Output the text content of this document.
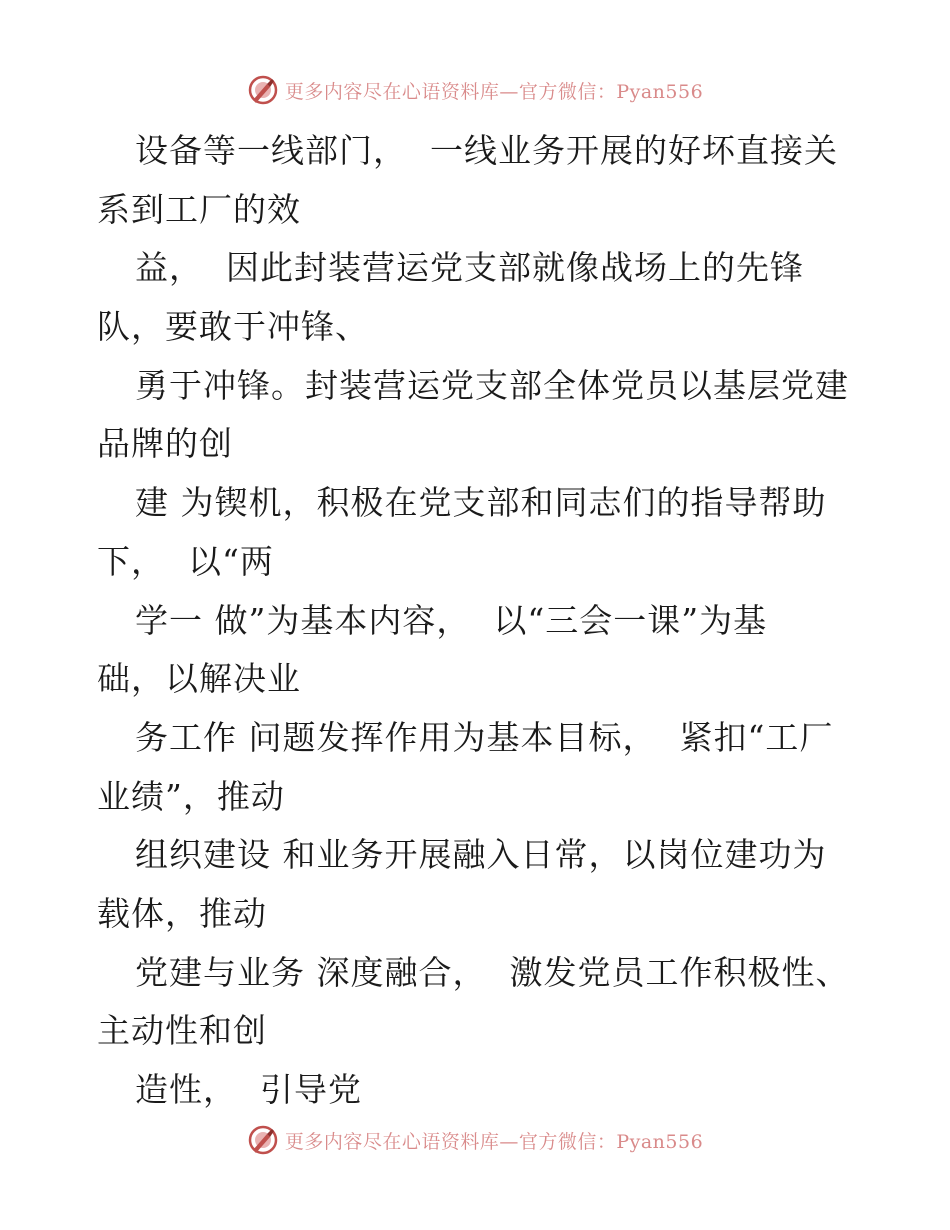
更多内容尽在心语资料库—官方微信：Pyan556
设备等一线部门，  一线业务开展的好坏直接关
系到工厂的效
益，  因此封装营运党支部就像战场上的先锋
队，要敢于冲锋、
勇于冲锋。封装营运党支部全体党员以基层党建
品牌的创
建 为锲机，积极在党支部和同志们的指导帮助
下，  以“两
学一 做”为基本内容，  以“三会一课”为基
础，以解决业
务工作 问题发挥作用为基本目标，  紧扣“工厂
业绩”，推动
组织建设 和业务开展融入日常，以岗位建功为
载体，推动
党建与业务 深度融合，  激发党员工作积极性、
主动性和创
造性，  引导党
更多内容尽在心语资料库—官方微信：Pyan556
